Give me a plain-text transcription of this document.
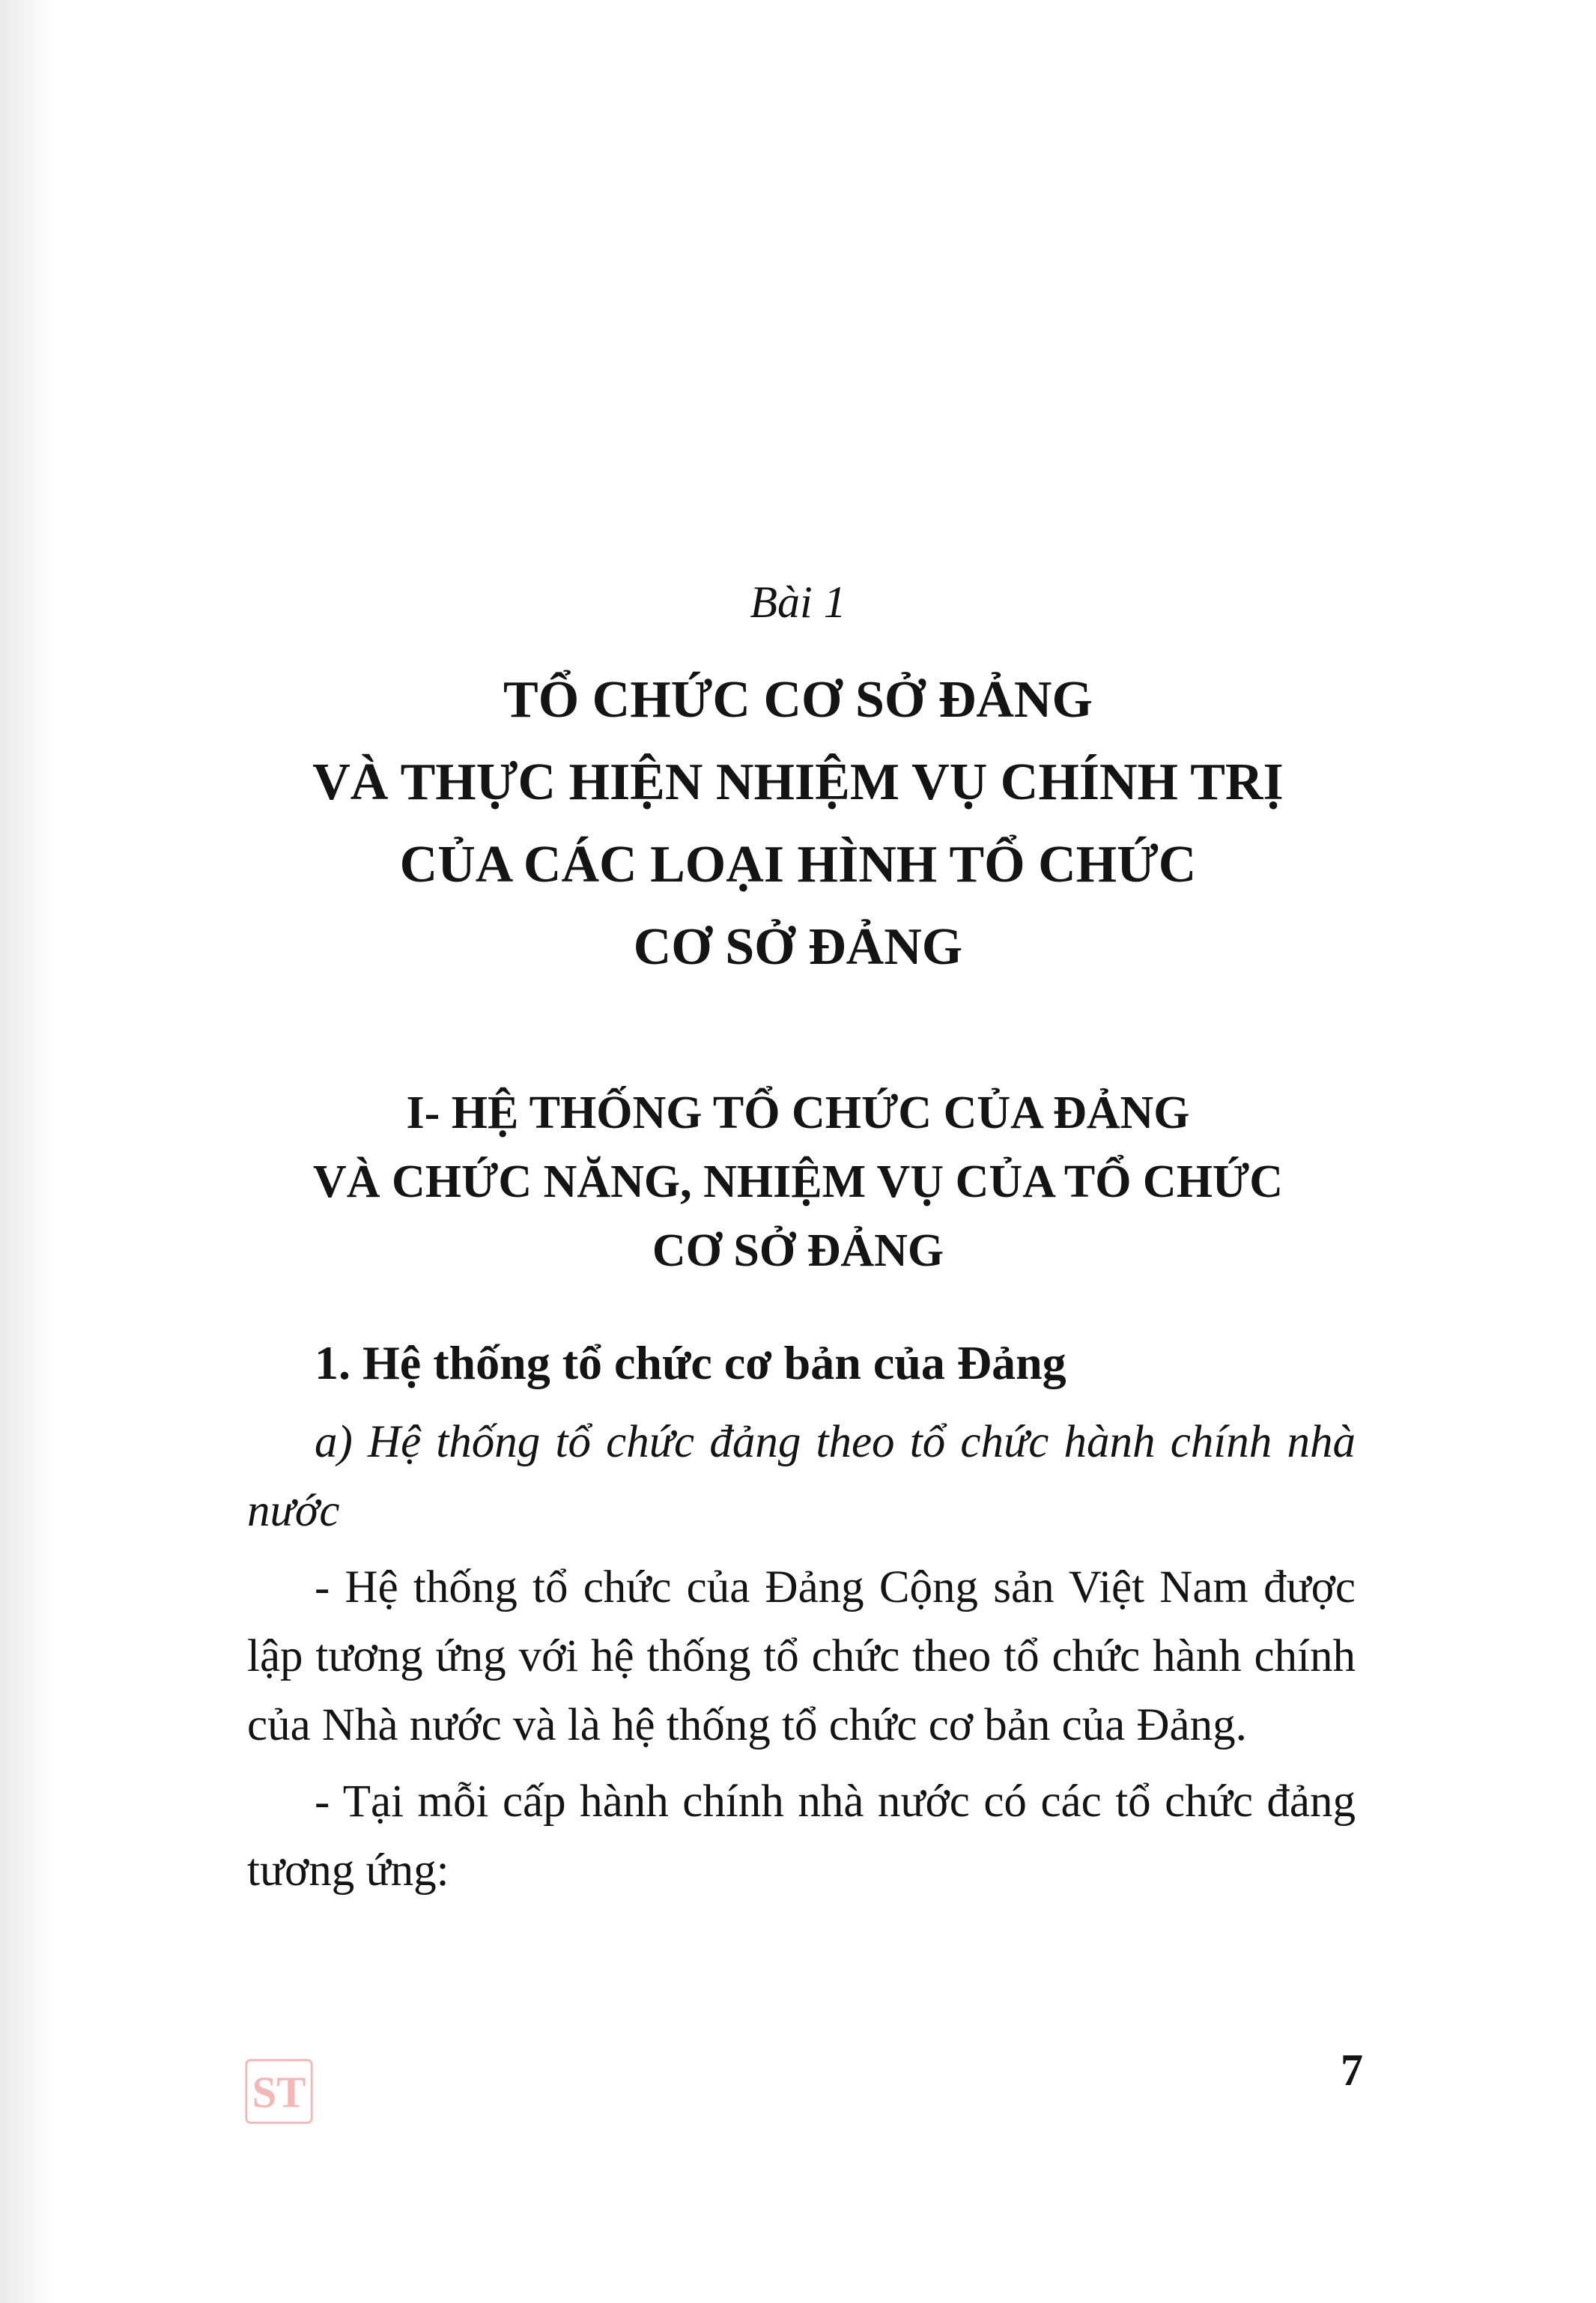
Bài 1
TỔ CHỨC CƠ SỞ ĐẢNG
VÀ THỰC HIỆN NHIỆM VỤ CHÍNH TRỊ
CỦA CÁC LOẠI HÌNH TỔ CHỨC
CƠ SỞ ĐẢNG
I- HỆ THỐNG TỔ CHỨC CỦA ĐẢNG
VÀ CHỨC NĂNG, NHIỆM VỤ CỦA TỔ CHỨC
CƠ SỞ ĐẢNG
1. Hệ thống tổ chức cơ bản của Đảng

a) Hệ thống tổ chức đảng theo tổ chức hành chính nhà nước

- Hệ thống tổ chức của Đảng Cộng sản Việt Nam được lập tương ứng với hệ thống tổ chức theo tổ chức hành chính của Nhà nước và là hệ thống tổ chức cơ bản của Đảng.

- Tại mỗi cấp hành chính nhà nước có các tổ chức đảng tương ứng:

ST	7
